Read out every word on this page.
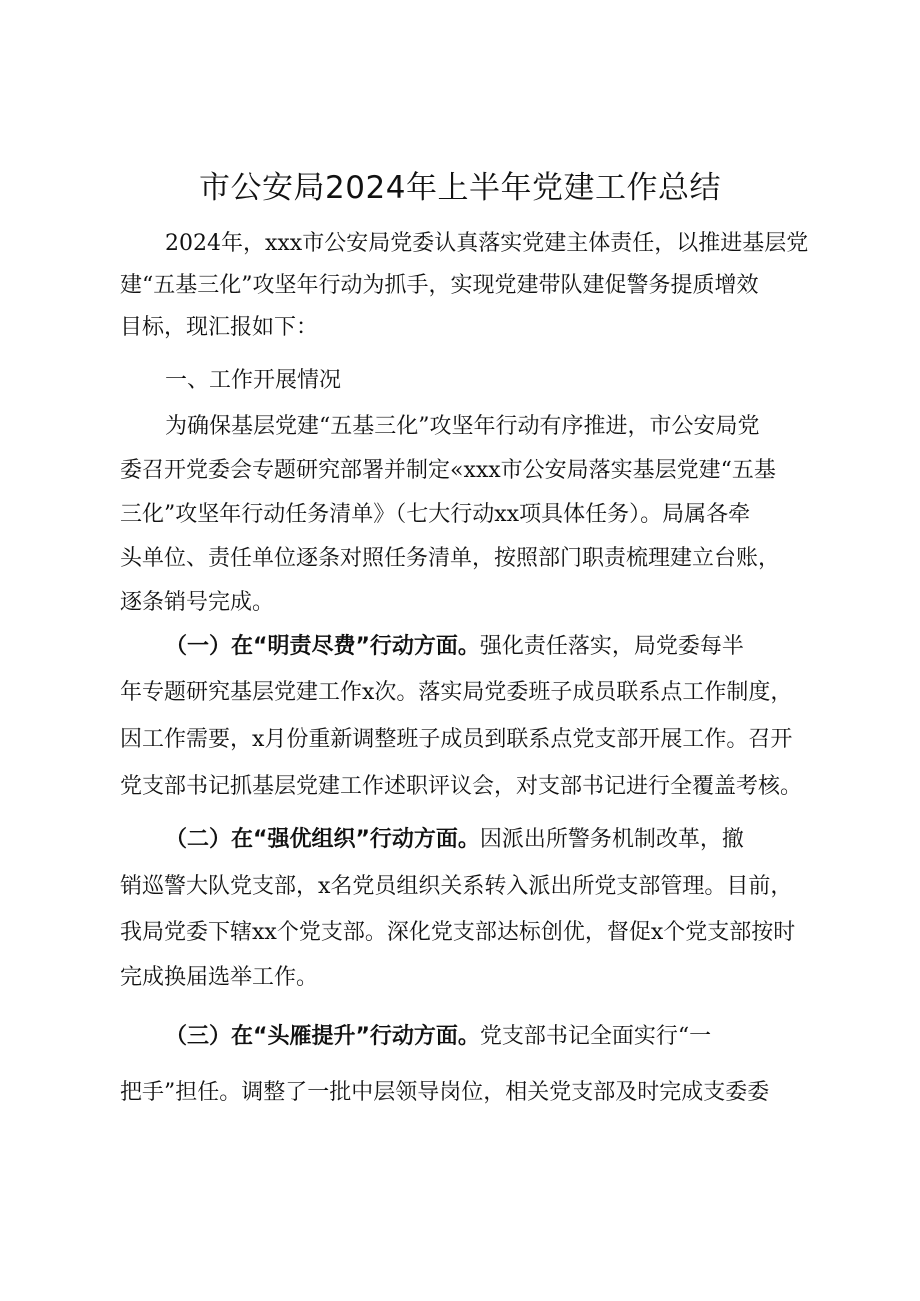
市公安局2024年上半年党建工作总结

2024年，xxx市公安局党委认真落实党建主体责任，以推进基层党

建“五基三化”攻坚年行动为抓手，实现党建带队建促警务提质增效

目标，现汇报如下：

一、工作开展情况

为确保基层党建“五基三化”攻坚年行动有序推进，市公安局党

委召开党委会专题研究部署并制定«xxx市公安局落实基层党建“五基

三化”攻坚年行动任务清单》（七大行动xx项具体任务）。局属各牵

头单位、责任单位逐条对照任务清单，按照部门职责梳理建立台账，

逐条销号完成。

（一）在“明责尽费”行动方面。强化责任落实，局党委每半

年专题研究基层党建工作x次。落实局党委班子成员联系点工作制度，

因工作需要，x月份重新调整班子成员到联系点党支部开展工作。召开

党支部书记抓基层党建工作述职评议会，对支部书记进行全覆盖考核。

（二）在“强优组织”行动方面。因派出所警务机制改革，撤

销巡警大队党支部，x名党员组织关系转入派出所党支部管理。目前，

我局党委下辖xx个党支部。深化党支部达标创优，督促x个党支部按时

完成换届选举工作。

（三）在“头雁提升”行动方面。党支部书记全面实行“一

把手”担任。调整了一批中层领导岗位，相关党支部及时完成支委委
